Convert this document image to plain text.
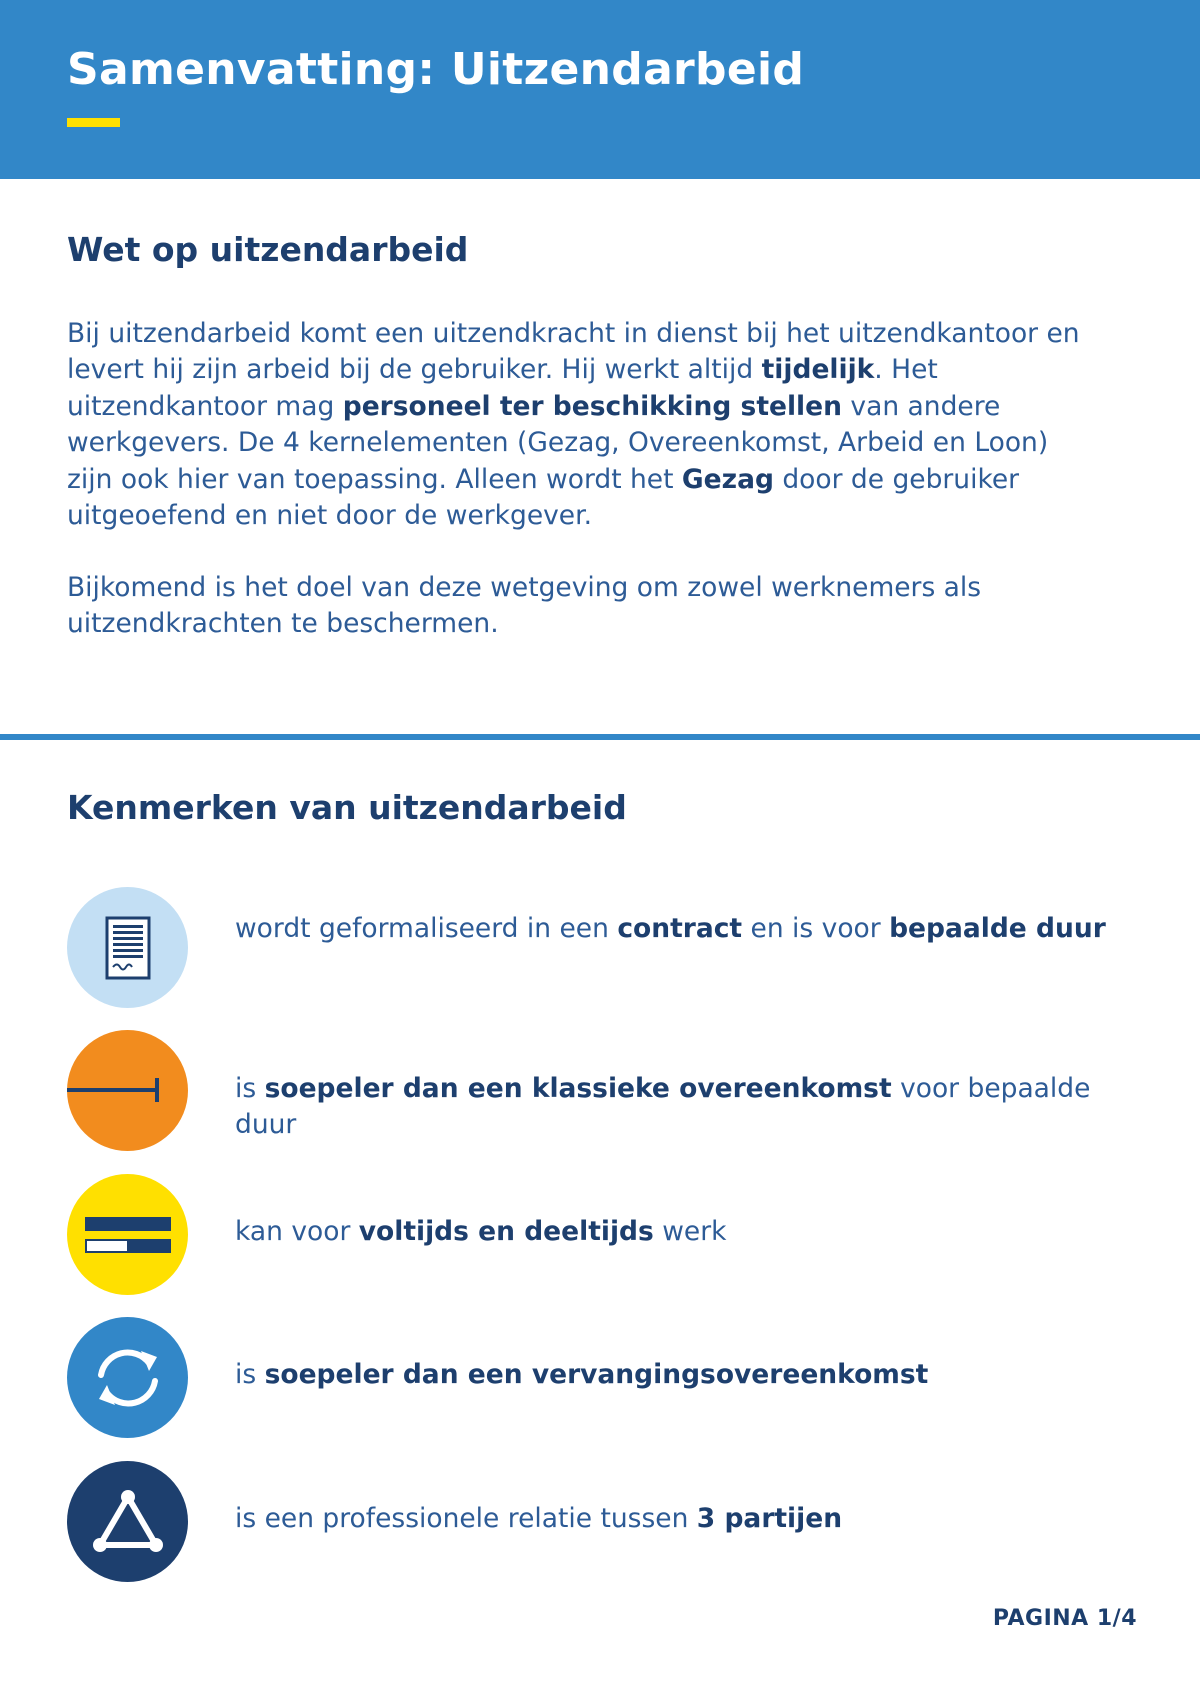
Samenvatting: Uitzendarbeid
Wet op uitzendarbeid

Bij uitzendarbeid komt een uitzendkracht in dienst bij het uitzendkantoor en levert hij zijn arbeid bij de gebruiker. Hij werkt altijd tijdelijk. Het uitzendkantoor mag personeel ter beschikking stellen van andere werkgevers. De 4 kernelementen (Gezag, Overeenkomst, Arbeid en Loon) zijn ook hier van toepassing. Alleen wordt het Gezag door de gebruiker uitgeoefend en niet door de werkgever.

Bijkomend is het doel van deze wetgeving om zowel werknemers als uitzendkrachten te beschermen.

Kenmerken van uitzendarbeid

wordt geformaliseerd in een contract en is voor bepaalde duur

is soepeler dan een klassieke overeenkomst voor bepaalde duur

kan voor voltijds en deeltijds werk

is soepeler dan een vervangingsovereenkomst

is een professionele relatie tussen 3 partijen

PAGINA 1/4
